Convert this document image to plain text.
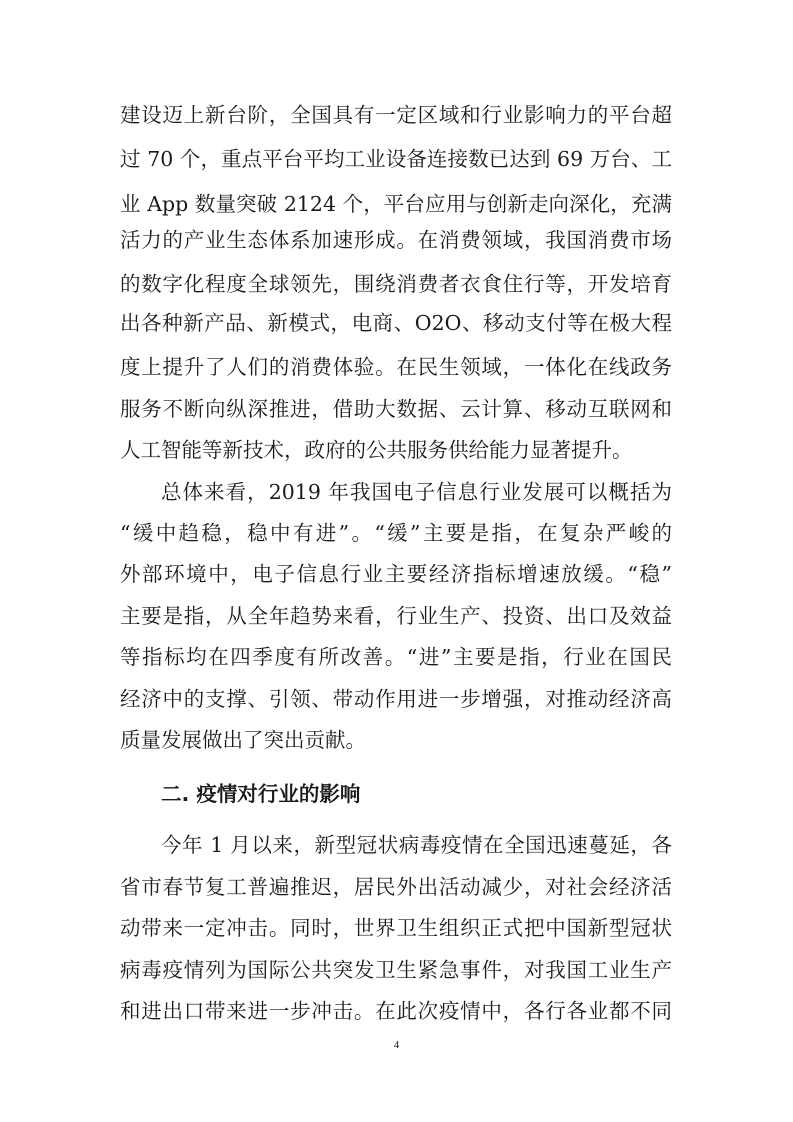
建设迈上新台阶，全国具有一定区域和行业影响力的平台超
过 70 个，重点平台平均工业设备连接数已达到 69 万台、工
业 App 数量突破 2124 个，平台应用与创新走向深化，充满
活力的产业生态体系加速形成。在消费领域，我国消费市场
的数字化程度全球领先，围绕消费者衣食住行等，开发培育
出各种新产品、新模式，电商、O2O、移动支付等在极大程
度上提升了人们的消费体验。在民生领域，一体化在线政务
服务不断向纵深推进，借助大数据、云计算、移动互联网和
人工智能等新技术，政府的公共服务供给能力显著提升。
总体来看，2019 年我国电子信息行业发展可以概括为
“缓中趋稳，稳中有进”。“缓”主要是指，在复杂严峻的
外部环境中，电子信息行业主要经济指标增速放缓。“稳”
主要是指，从全年趋势来看，行业生产、投资、出口及效益
等指标均在四季度有所改善。“进”主要是指，行业在国民
经济中的支撑、引领、带动作用进一步增强，对推动经济高
质量发展做出了突出贡献。
二. 疫情对行业的影响
今年 1 月以来，新型冠状病毒疫情在全国迅速蔓延，各
省市春节复工普遍推迟，居民外出活动减少，对社会经济活
动带来一定冲击。同时，世界卫生组织正式把中国新型冠状
病毒疫情列为国际公共突发卫生紧急事件，对我国工业生产
和进出口带来进一步冲击。在此次疫情中，各行各业都不同
4
